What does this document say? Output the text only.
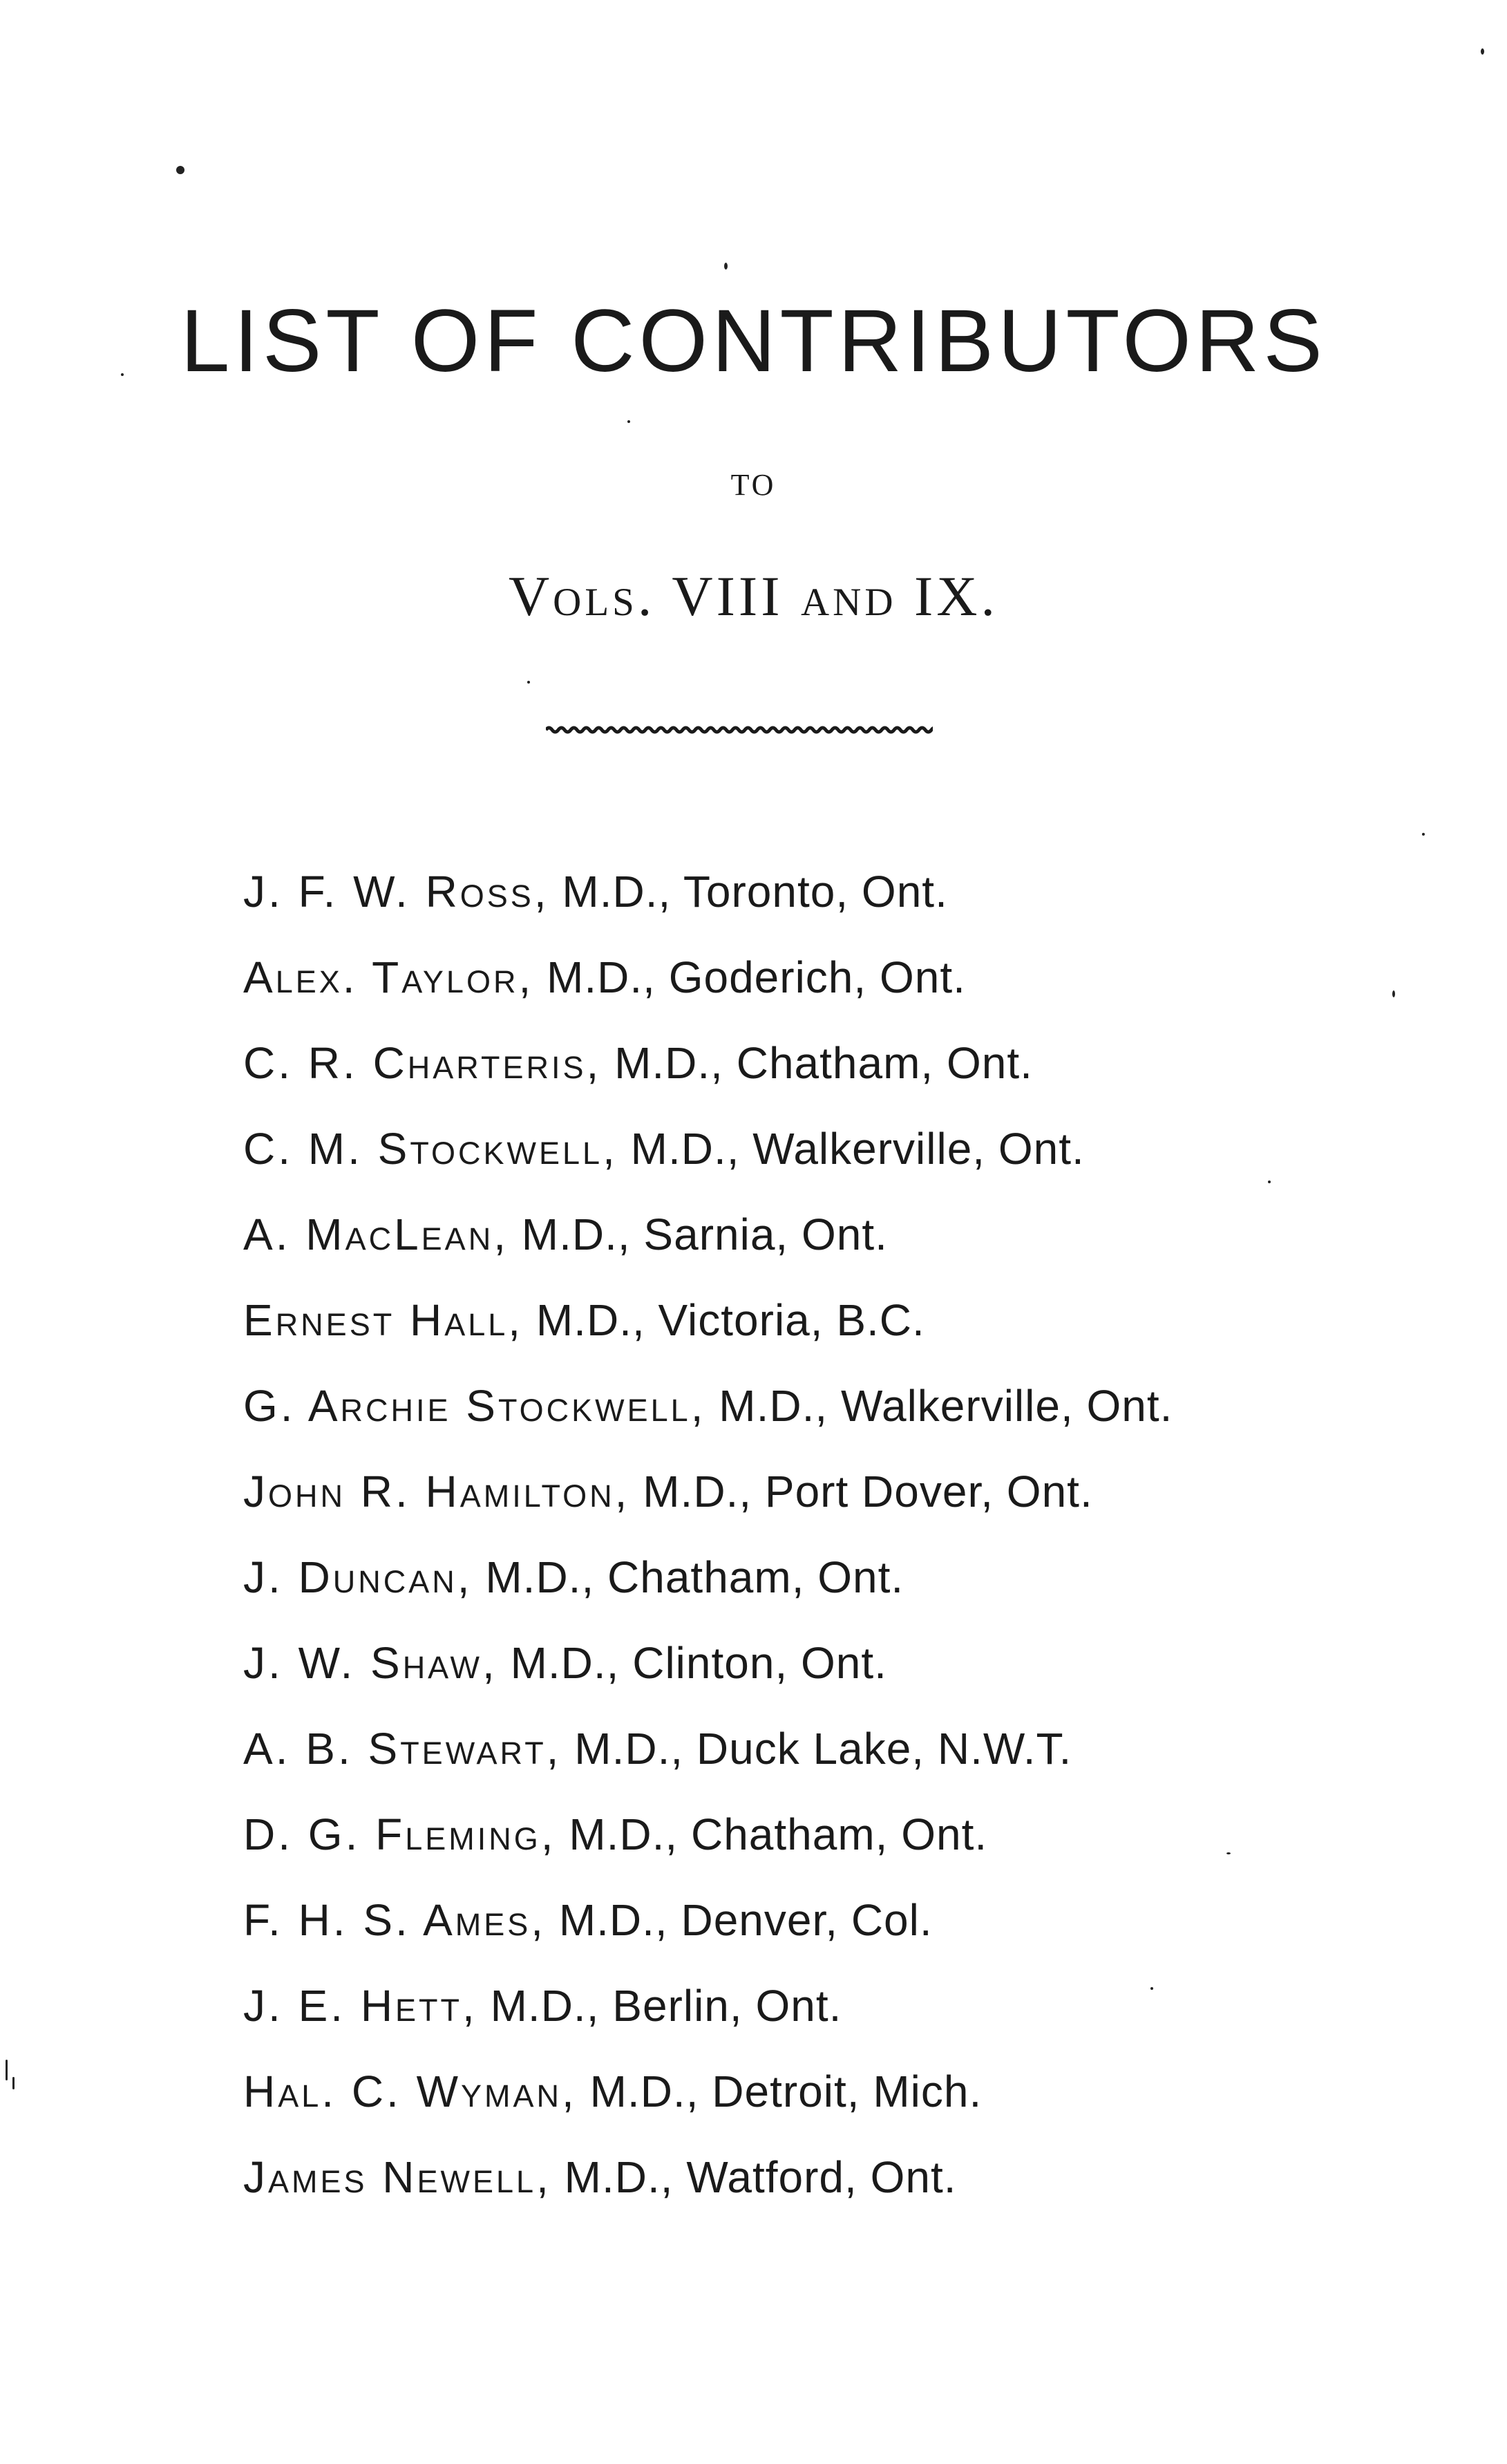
LIST OF CONTRIBUTORS
TO
Vols. VIII and IX.
J. F. W. Ross, M.D., Toronto, Ont.
Alex. Taylor, M.D., Goderich, Ont.
C. R. Charteris, M.D., Chatham, Ont.
C. M. Stockwell, M.D., Walkerville, Ont.
A. MacLean, M.D., Sarnia, Ont.
Ernest Hall, M.D., Victoria, B.C.
G. Archie Stockwell, M.D., Walkerville, Ont.
John R. Hamilton, M.D., Port Dover, Ont.
J. Duncan, M.D., Chatham, Ont.
J. W. Shaw, M.D., Clinton, Ont.
A. B. Stewart, M.D., Duck Lake, N.W.T.
D. G. Fleming, M.D., Chatham, Ont.
F. H. S. Ames, M.D., Denver, Col.
J. E. Hett, M.D., Berlin, Ont.
Hal. C. Wyman, M.D., Detroit, Mich.
James Newell, M.D., Watford, Ont.
